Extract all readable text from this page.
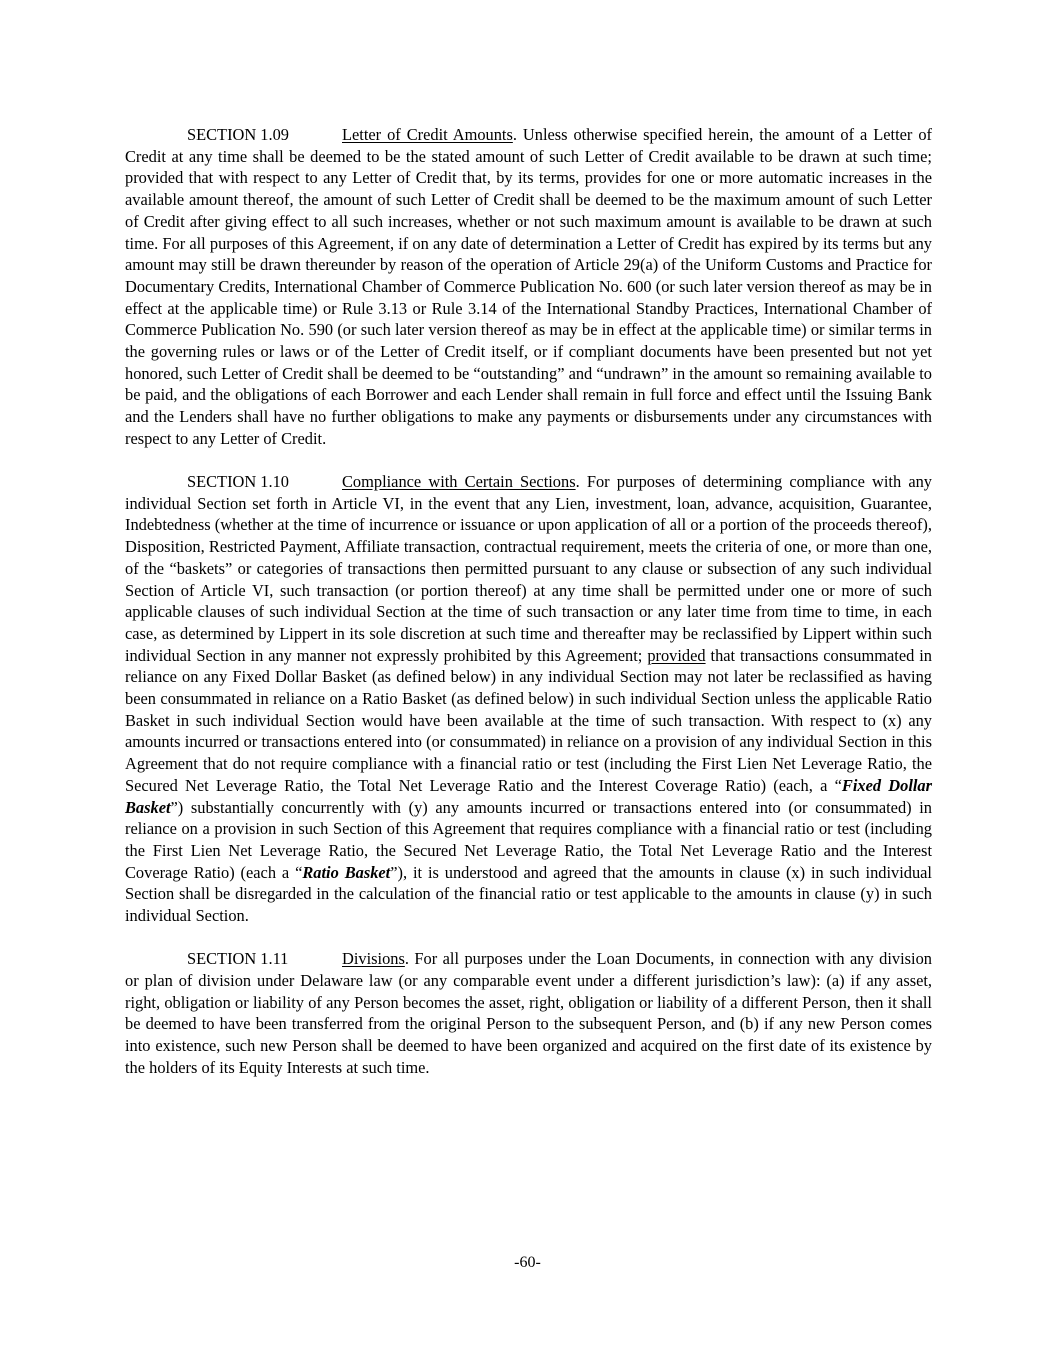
SECTION 1.09	Letter of Credit Amounts. Unless otherwise specified herein, the amount of a Letter of Credit at any time shall be deemed to be the stated amount of such Letter of Credit available to be drawn at such time; provided that with respect to any Letter of Credit that, by its terms, provides for one or more automatic increases in the available amount thereof, the amount of such Letter of Credit shall be deemed to be the maximum amount of such Letter of Credit after giving effect to all such increases, whether or not such maximum amount is available to be drawn at such time. For all purposes of this Agreement, if on any date of determination a Letter of Credit has expired by its terms but any amount may still be drawn thereunder by reason of the operation of Article 29(a) of the Uniform Customs and Practice for Documentary Credits, International Chamber of Commerce Publication No. 600 (or such later version thereof as may be in effect at the applicable time) or Rule 3.13 or Rule 3.14 of the International Standby Practices, International Chamber of Commerce Publication No. 590 (or such later version thereof as may be in effect at the applicable time) or similar terms in the governing rules or laws or of the Letter of Credit itself, or if compliant documents have been presented but not yet honored, such Letter of Credit shall be deemed to be “outstanding” and “undrawn” in the amount so remaining available to be paid, and the obligations of each Borrower and each Lender shall remain in full force and effect until the Issuing Bank and the Lenders shall have no further obligations to make any payments or disbursements under any circumstances with respect to any Letter of Credit.

SECTION 1.10	Compliance with Certain Sections. For purposes of determining compliance with any individual Section set forth in Article VI, in the event that any Lien, investment, loan, advance, acquisition, Guarantee, Indebtedness (whether at the time of incurrence or issuance or upon application of all or a portion of the proceeds thereof), Disposition, Restricted Payment, Affiliate transaction, contractual requirement, meets the criteria of one, or more than one, of the “baskets” or categories of transactions then permitted pursuant to any clause or subsection of any such individual Section of Article VI, such transaction (or portion thereof) at any time shall be permitted under one or more of such applicable clauses of such individual Section at the time of such transaction or any later time from time to time, in each case, as determined by Lippert in its sole discretion at such time and thereafter may be reclassified by Lippert within such individual Section in any manner not expressly prohibited by this Agreement; provided that transactions consummated in reliance on any Fixed Dollar Basket (as defined below) in any individual Section may not later be reclassified as having been consummated in reliance on a Ratio Basket (as defined below) in such individual Section unless the applicable Ratio Basket in such individual Section would have been available at the time of such transaction. With respect to (x) any amounts incurred or transactions entered into (or consummated) in reliance on a provision of any individual Section in this Agreement that do not require compliance with a financial ratio or test (including the First Lien Net Leverage Ratio, the Secured Net Leverage Ratio, the Total Net Leverage Ratio and the Interest Coverage Ratio) (each, a “Fixed Dollar Basket”) substantially concurrently with (y) any amounts incurred or transactions entered into (or consummated) in reliance on a provision in such Section of this Agreement that requires compliance with a financial ratio or test (including the First Lien Net Leverage Ratio, the Secured Net Leverage Ratio, the Total Net Leverage Ratio and the Interest Coverage Ratio) (each a “Ratio Basket”), it is understood and agreed that the amounts in clause (x) in such individual Section shall be disregarded in the calculation of the financial ratio or test applicable to the amounts in clause (y) in such individual Section.

SECTION 1.11	Divisions. For all purposes under the Loan Documents, in connection with any division or plan of division under Delaware law (or any comparable event under a different jurisdiction’s law): (a) if any asset, right, obligation or liability of any Person becomes the asset, right, obligation or liability of a different Person, then it shall be deemed to have been transferred from the original Person to the subsequent Person, and (b) if any new Person comes into existence, such new Person shall be deemed to have been organized and acquired on the first date of its existence by the holders of its Equity Interests at such time.

-60-
